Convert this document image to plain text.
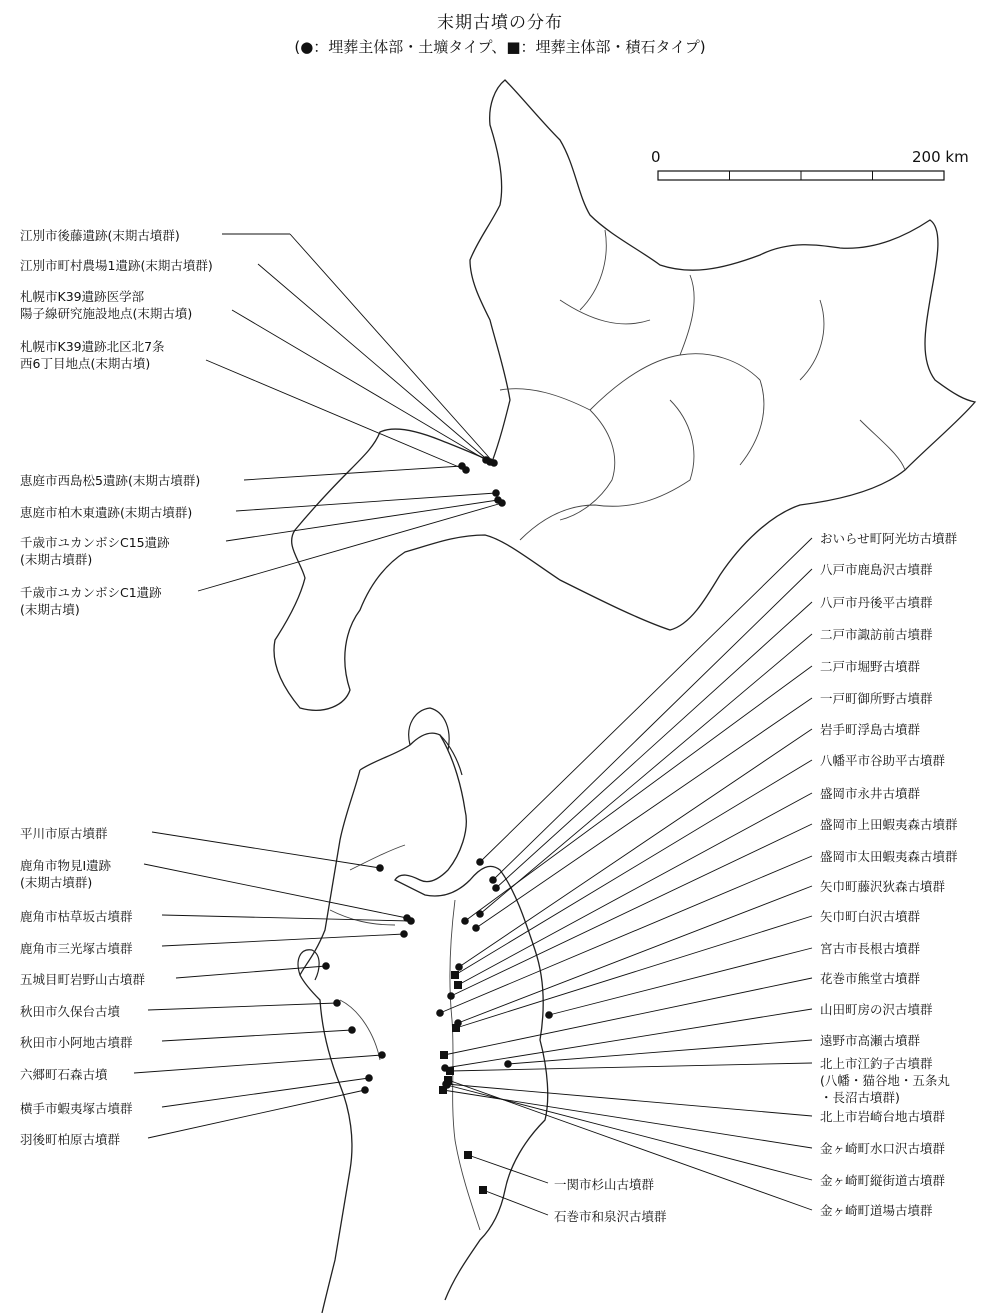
末期古墳の分布
(●：埋葬主体部・土壙タイプ、■：埋葬主体部・積石タイプ)
0	200 km
江別市後藤遺跡(末期古墳群)
江別市町村農場1遺跡(末期古墳群)
札幌市K39遺跡医学部
陽子線研究施設地点(末期古墳)
札幌市K39遺跡北区北7条
西6丁目地点(末期古墳)
恵庭市西島松5遺跡(末期古墳群)
恵庭市柏木東遺跡(末期古墳群)
千歳市ユカンボシC15遺跡
(末期古墳群)
千歳市ユカンボシC1遺跡
(末期古墳)
平川市原古墳群
鹿角市物見Ⅰ遺跡
(末期古墳群)
鹿角市枯草坂古墳群
鹿角市三光塚古墳群
五城目町岩野山古墳群
秋田市久保台古墳
秋田市小阿地古墳群
六郷町石森古墳
横手市蝦夷塚古墳群
羽後町柏原古墳群
おいらせ町阿光坊古墳群
八戸市鹿島沢古墳群
八戸市丹後平古墳群
二戸市諏訪前古墳群
二戸市堀野古墳群
一戸町御所野古墳群
岩手町浮島古墳群
八幡平市谷助平古墳群
盛岡市永井古墳群
盛岡市上田蝦夷森古墳群
盛岡市太田蝦夷森古墳群
矢巾町藤沢狄森古墳群
矢巾町白沢古墳群
宮古市長根古墳群
花巻市熊堂古墳群
山田町房の沢古墳群
遠野市高瀬古墳群
北上市江釣子古墳群
(八幡・猫谷地・五条丸
・長沼古墳群)
北上市岩崎台地古墳群
金ヶ崎町水口沢古墳群
金ヶ崎町縦街道古墳群
金ヶ崎町道場古墳群
一関市杉山古墳群
石巻市和泉沢古墳群
